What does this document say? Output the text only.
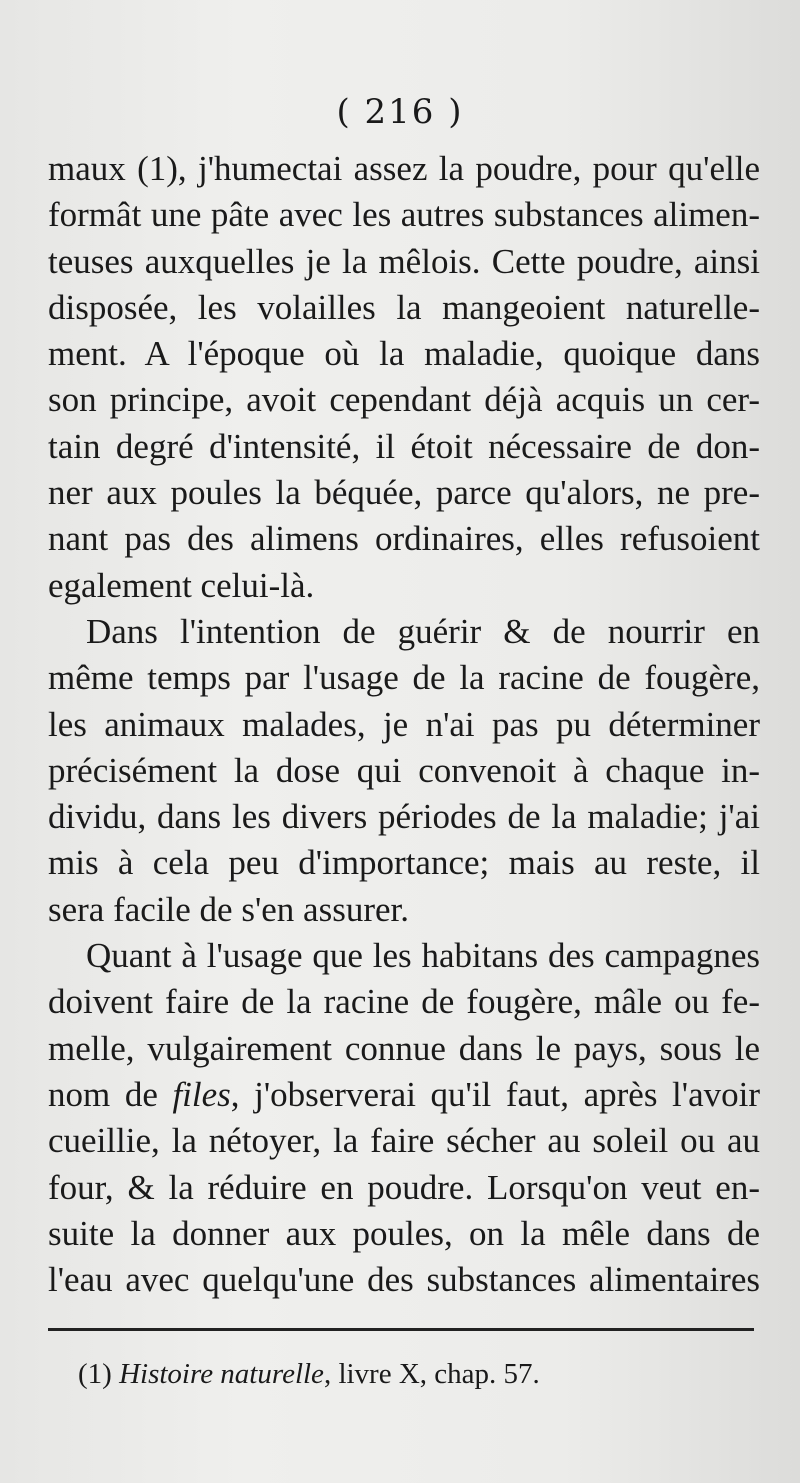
( 216 )
maux (1), j'humectai assez la poudre, pour qu'elle
formât une pâte avec les autres substances alimen-
teuses auxquelles je la mêlois. Cette poudre, ainsi
disposée, les volailles la mangeoient naturelle-
ment. A l'époque où la maladie, quoique dans
son principe, avoit cependant déjà acquis un cer-
tain degré d'intensité, il étoit nécessaire de don-
ner aux poules la béquée, parce qu'alors, ne pre-
nant pas des alimens ordinaires, elles refusoient
egalement celui-là.
Dans l'intention de guérir & de nourrir en
même temps par l'usage de la racine de fougère,
les animaux malades, je n'ai pas pu déterminer
précisément la dose qui convenoit à chaque in-
dividu, dans les divers périodes de la maladie; j'ai
mis à cela peu d'importance; mais au reste, il
sera facile de s'en assurer.
Quant à l'usage que les habitans des campagnes
doivent faire de la racine de fougère, mâle ou fe-
melle, vulgairement connue dans le pays, sous le
nom de files, j'observerai qu'il faut, après l'avoir
cueillie, la nétoyer, la faire sécher au soleil ou au
four, & la réduire en poudre. Lorsqu'on veut en-
suite la donner aux poules, on la mêle dans de
l'eau avec quelqu'une des substances alimentaires
(1) Histoire naturelle, livre X, chap. 57.
